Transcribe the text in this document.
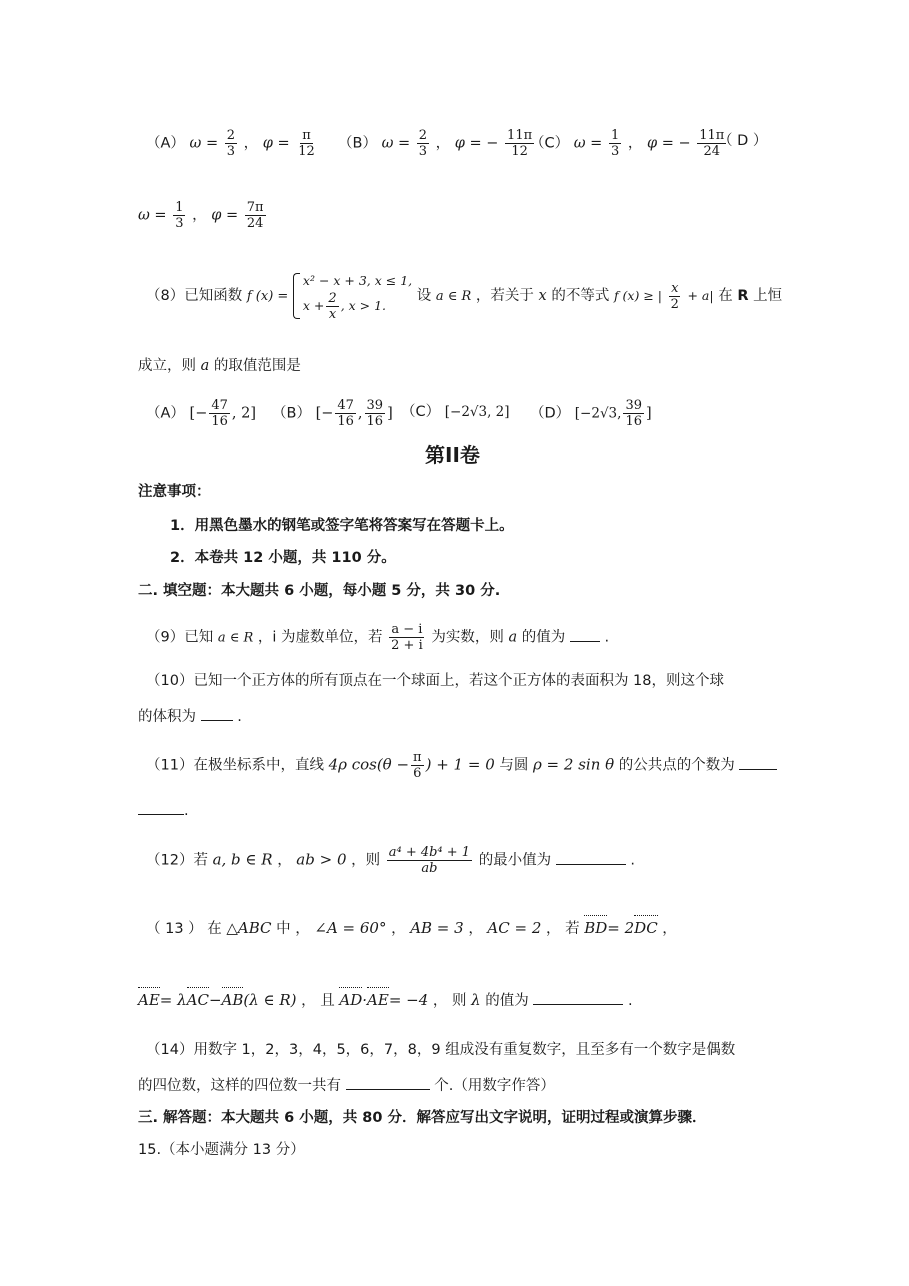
（A） $\omega = \frac{2}{3}$ ， $\varphi = \frac{\pi}{12} (B) \omega = \frac{2}{3}$ ， φ = − $\frac{11\pi}{12}$
（C） $\omega = \frac{1}{3}$ ， φ = − $\frac{11\pi}{24}$
（ D ）
$\omega = \frac{1}{3}$ ， $\varphi = \frac{7\pi}{24}$
（8）已知函数 f (x) =
x² − x + 3, x ≤ 1,
$x + \frac{2}{x}$ , x > 1.
设 a ∈ R ，若关于 x 的不等式 f (x) ≥ | $\frac{x}{2} + a|$ 在 R 上恒
成立，则 a 的取值范围是
（A） [− $\frac{47}{16}$ , 2] （B） [− $\frac{47}{16}$ , $\frac{39}{16}$ ] （C） [−2√3, 2] （D） [−2√3, $\frac{39}{16}$ ]
第II卷
注意事项：
1．用黑色墨水的钢笔或签字笔将答案写在答题卡上。
2．本卷共 12 小题，共 110 分。
二. 填空题：本大题共 6 小题，每小题 5 分，共 30 分.
（9）已知 a ∈ R ，i 为虚数单位，若 $\frac{a - i}{2 + i}$ 为实数，则 a 的值为	.
（10）已知一个正方体的所有顶点在一个球面上，若这个正方体的表面积为 18，则这个球
的体积为	.
（11）在极坐标系中，直线 4ρ $\cos(\theta - \frac{\pi}{6}$ ) + 1 = 0 与圆 ρ = 2 sin θ 的公共点的个数为
.
（12）若 a, b ∈ R ， ab > 0 ，则 $\frac{\text{a⁴ + 4b⁴ + 1}}{ab}$ 的最小值为	.
（ 13 ） 在 △ABC 中 ， ∠A = 60° ， AB = 3 ， AC = 2 ， 若 BD= 2DC ，
AE= λAC−AB(λ ∈ R) ， 且 AD·AE= −4 ， 则 λ 的值为	.
（14）用数字 1，2，3，4，5，6，7，8，9 组成没有重复数字，且至多有一个数字是偶数
的四位数，这样的四位数一共有	个.（用数字作答）
三. 解答题：本大题共 6 小题，共 80 分．解答应写出文字说明，证明过程或演算步骤．
15.（本小题满分 13 分）
